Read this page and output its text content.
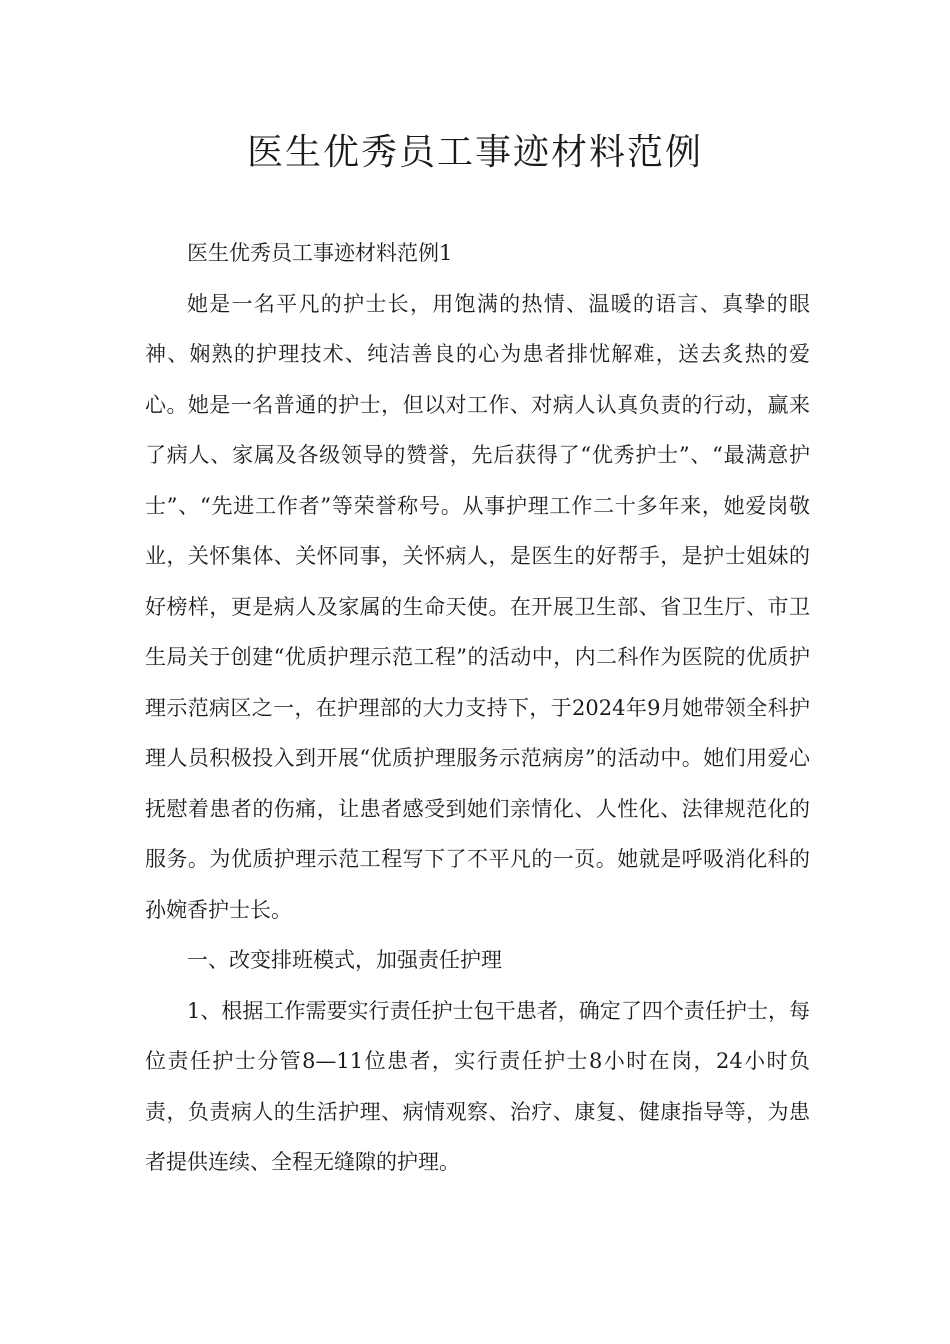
医生优秀员工事迹材料范例

医生优秀员工事迹材料范例1

她是一名平凡的护士长，用饱满的热情、温暖的语言、真挚的眼神、娴熟的护理技术、纯洁善良的心为患者排忧解难，送去炙热的爱心。她是一名普通的护士，但以对工作、对病人认真负责的行动，赢来了病人、家属及各级领导的赞誉，先后获得了“优秀护士”、“最满意护士”、“先进工作者”等荣誉称号。从事护理工作二十多年来，她爱岗敬业，关怀集体、关怀同事，关怀病人，是医生的好帮手，是护士姐妹的好榜样，更是病人及家属的生命天使。在开展卫生部、省卫生厅、市卫生局关于创建“优质护理示范工程”的活动中，内二科作为医院的优质护理示范病区之一，在护理部的大力支持下，于2024年9月她带领全科护理人员积极投入到开展“优质护理服务示范病房”的活动中。她们用爱心抚慰着患者的伤痛，让患者感受到她们亲情化、人性化、法律规范化的服务。为优质护理示范工程写下了不平凡的一页。她就是呼吸消化科的孙婉香护士长。

一、改变排班模式，加强责任护理

1、根据工作需要实行责任护士包干患者，确定了四个责任护士，每位责任护士分管8—11位患者，实行责任护士8小时在岗，24小时负责，负责病人的生活护理、病情观察、治疗、康复、健康指导等，为患者提供连续、全程无缝隙的护理。
